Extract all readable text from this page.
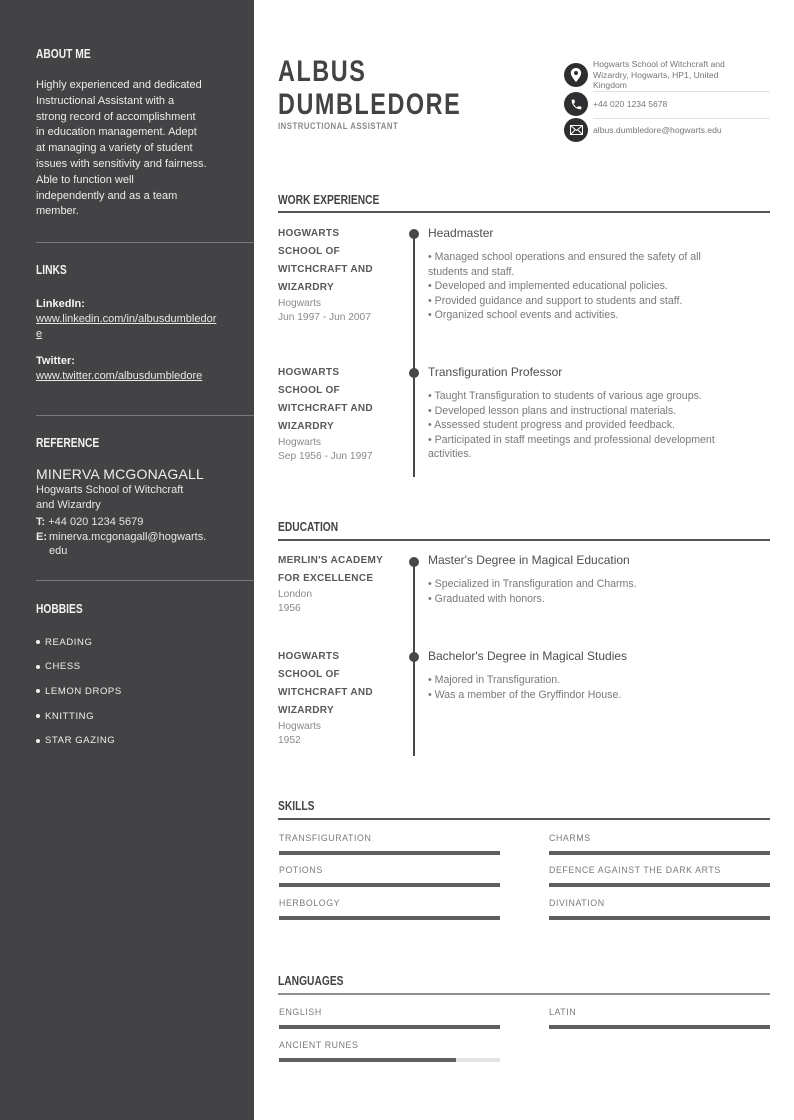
ABOUT ME
Highly experienced and dedicated
Instructional Assistant with a
strong record of accomplishment
in education management. Adept
at managing a variety of student
issues with sensitivity and fairness.
Able to function well
independently and as a team
member.
LINKS
LinkedIn:
www.linkedin.com/in/albusdumbledore
Twitter:
www.twitter.com/albusdumbledore
REFERENCE
MINERVA MCGONAGALL
Hogwarts School of Witchcraft
and Wizardry
T: +44 020 1234 5679
E: minerva.mcgonagall@hogwarts.
edu
HOBBIES
READING
CHESS
LEMON DROPS
KNITTING
STAR GAZING
ALBUS
DUMBLEDORE
INSTRUCTIONAL ASSISTANT
Hogwarts School of Witchcraft and
Wizardry, Hogwarts, HP1, United
Kingdom
+44 020 1234 5678
albus.dumbledore@hogwarts.edu
WORK EXPERIENCE
HOGWARTS
SCHOOL OF
WITCHCRAFT AND
WIZARDRY
Hogwarts
Jun 1997 - Jun 2007
Headmaster
• Managed school operations and ensured the safety of all
students and staff.
• Developed and implemented educational policies.
• Provided guidance and support to students and staff.
• Organized school events and activities.
HOGWARTS
SCHOOL OF
WITCHCRAFT AND
WIZARDRY
Hogwarts
Sep 1956 - Jun 1997
Transfiguration Professor
• Taught Transfiguration to students of various age groups.
• Developed lesson plans and instructional materials.
• Assessed student progress and provided feedback.
• Participated in staff meetings and professional development
activities.
EDUCATION
MERLIN'S ACADEMY
FOR EXCELLENCE
London
1956
Master's Degree in Magical Education
• Specialized in Transfiguration and Charms.
• Graduated with honors.
HOGWARTS
SCHOOL OF
WITCHCRAFT AND
WIZARDRY
Hogwarts
1952
Bachelor's Degree in Magical Studies
• Majored in Transfiguration.
• Was a member of the Gryffindor House.
SKILLS
TRANSFIGURATION	CHARMS
POTIONS	DEFENCE AGAINST THE DARK ARTS
HERBOLOGY	DIVINATION
LANGUAGES
ENGLISH	LATIN
ANCIENT RUNES
